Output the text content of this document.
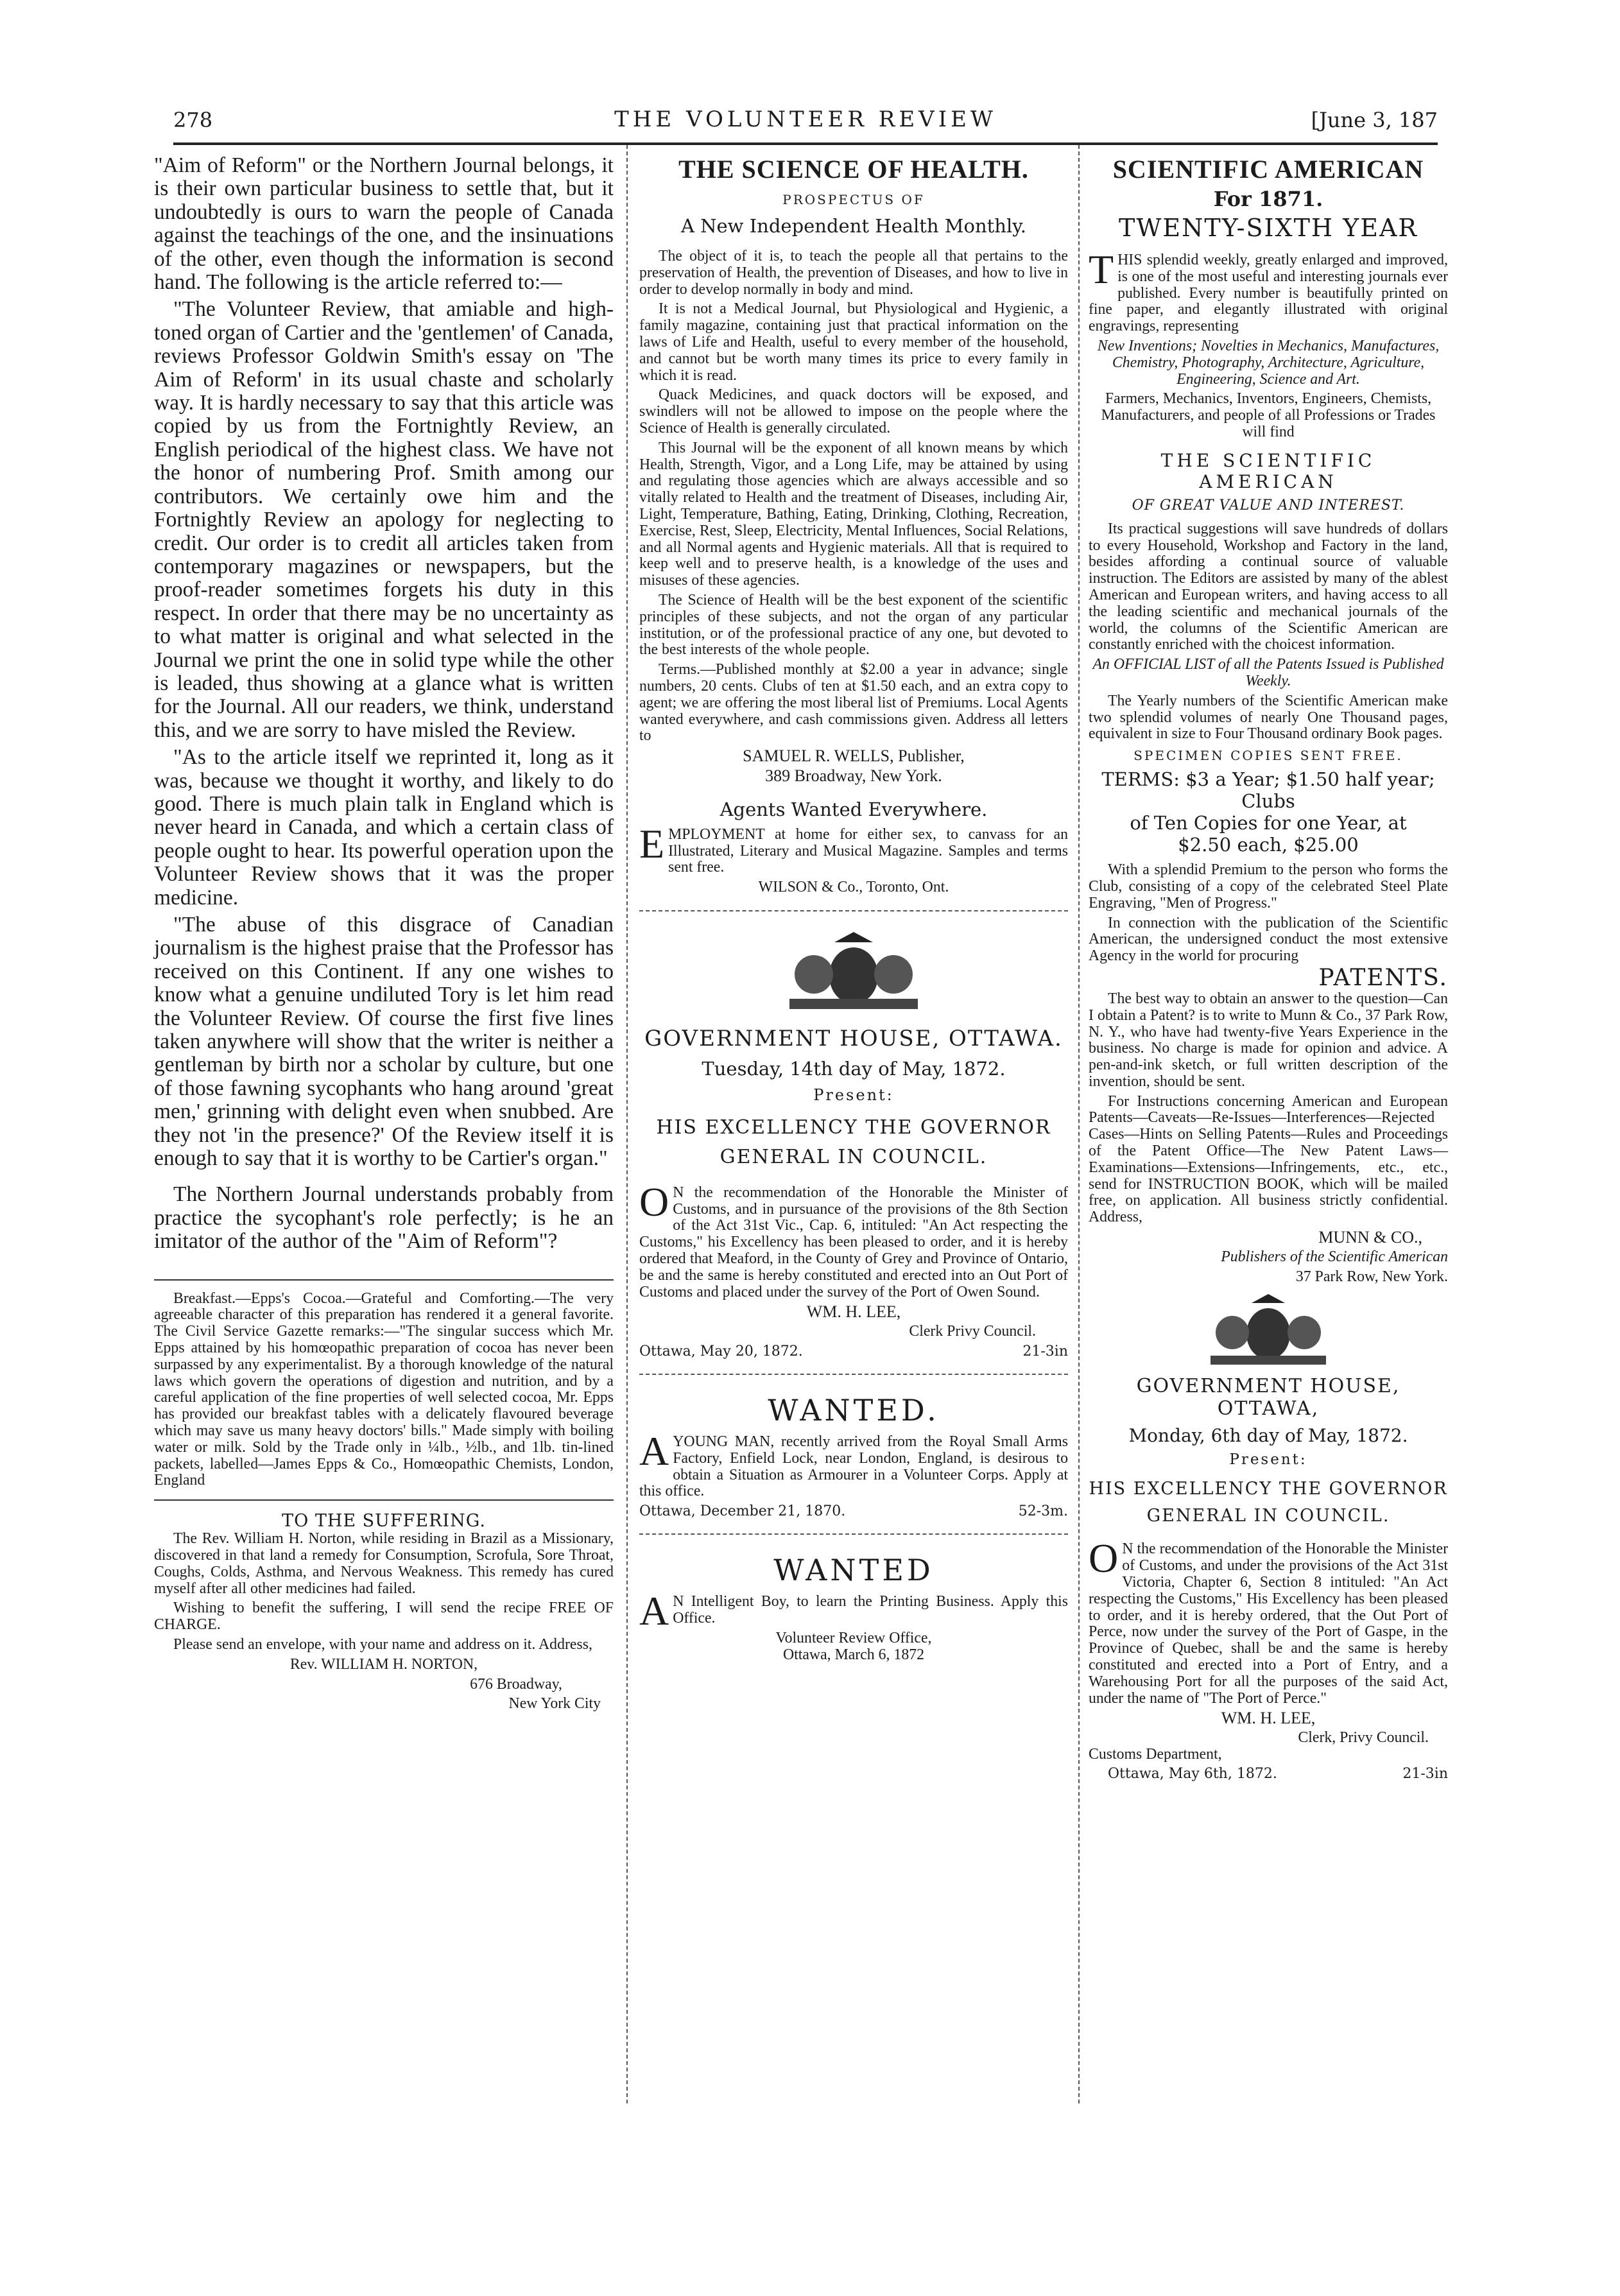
278	THE VOLUNTEER REVIEW	[June 3, 187

"Aim of Reform" or the Northern Journal belongs, it is their own particular business to settle that, but it undoubtedly is ours to warn the people of Canada against the teachings of the one, and the insinuations of the other, even though the information is second hand. The following is the article referred to:—

"The Volunteer Review, that amiable and high-toned organ of Cartier and the 'gentlemen' of Canada, reviews Professor Goldwin Smith's essay on 'The Aim of Reform' in its usual chaste and scholarly way. It is hardly necessary to say that this article was copied by us from the Fortnightly Review, an English periodical of the highest class. We have not the honor of numbering Prof. Smith among our contributors. We certainly owe him and the Fortnightly Review an apology for neglecting to credit. Our order is to credit all articles taken from contemporary magazines or newspapers, but the proof-reader sometimes forgets his duty in this respect. In order that there may be no uncertainty as to what matter is original and what selected in the Journal we print the one in solid type while the other is leaded, thus showing at a glance what is written for the Journal. All our readers, we think, understand this, and we are sorry to have misled the Review.

"As to the article itself we reprinted it, long as it was, because we thought it worthy, and likely to do good. There is much plain talk in England which is never heard in Canada, and which a certain class of people ought to hear. Its powerful operation upon the Volunteer Review shows that it was the proper medicine.

"The abuse of this disgrace of Canadian journalism is the highest praise that the Professor has received on this Continent. If any one wishes to know what a genuine undiluted Tory is let him read the Volunteer Review. Of course the first five lines taken anywhere will show that the writer is neither a gentleman by birth nor a scholar by culture, but one of those fawning sycophants who hang around 'great men,' grinning with delight even when snubbed. Are they not 'in the presence?' Of the Review itself it is enough to say that it is worthy to be Cartier's organ."

The Northern Journal understands probably from practice the sycophant's role perfectly; is he an imitator of the author of the "Aim of Reform"?

Breakfast.—Epps's Cocoa.—Grateful and Comforting.—The very agreeable character of this preparation has rendered it a general favorite. The Civil Service Gazette remarks:—"The singular success which Mr. Epps attained by his homœopathic preparation of cocoa has never been surpassed by any experimentalist. By a thorough knowledge of the natural laws which govern the operations of digestion and nutrition, and by a careful application of the fine properties of well selected cocoa, Mr. Epps has provided our breakfast tables with a delicately flavoured beverage which may save us many heavy doctors' bills." Made simply with boiling water or milk. Sold by the Trade only in ¼lb., ½lb., and 1lb. tin-lined packets, labelled—James Epps & Co., Homœopathic Chemists, London, England

TO THE SUFFERING.

The Rev. William H. Norton, while residing in Brazil as a Missionary, discovered in that land a remedy for Consumption, Scrofula, Sore Throat, Coughs, Colds, Asthma, and Nervous Weakness. This remedy has cured myself after all other medicines had failed.

Wishing to benefit the suffering, I will send the recipe FREE OF CHARGE.

Please send an envelope, with your name and address on it. Address,

Rev. WILLIAM H. NORTON,

676 Broadway,

New York City

THE SCIENCE OF HEALTH.
PROSPECTUS OF
A New Independent Health Monthly.

The object of it is, to teach the people all that pertains to the preservation of Health, the prevention of Diseases, and how to live in order to develop normally in body and mind.

It is not a Medical Journal, but Physiological and Hygienic, a family magazine, containing just that practical information on the laws of Life and Health, useful to every member of the household, and cannot but be worth many times its price to every family in which it is read.

Quack Medicines, and quack doctors will be exposed, and swindlers will not be allowed to impose on the people where the Science of Health is generally circulated.

This Journal will be the exponent of all known means by which Health, Strength, Vigor, and a Long Life, may be attained by using and regulating those agencies which are always accessible and so vitally related to Health and the treatment of Diseases, including Air, Light, Temperature, Bathing, Eating, Drinking, Clothing, Recreation, Exercise, Rest, Sleep, Electricity, Mental Influences, Social Relations, and all Normal agents and Hygienic materials. All that is required to keep well and to preserve health, is a knowledge of the uses and misuses of these agencies.

The Science of Health will be the best exponent of the scientific principles of these subjects, and not the organ of any particular institution, or of the professional practice of any one, but devoted to the best interests of the whole people.

Terms.—Published monthly at $2.00 a year in advance; single numbers, 20 cents. Clubs of ten at $1.50 each, and an extra copy to agent; we are offering the most liberal list of Premiums. Local Agents wanted everywhere, and cash commissions given. Address all letters to

SAMUEL R. WELLS, Publisher,

389 Broadway, New York.

Agents Wanted Everywhere.

EMPLOYMENT at home for either sex, to canvass for an Illustrated, Literary and Musical Magazine. Samples and terms sent free.

WILSON & Co., Toronto, Ont.

GOVERNMENT HOUSE, OTTAWA.
Tuesday, 14th day of May, 1872.
Present:
HIS EXCELLENCY THE GOVERNOR GENERAL IN COUNCIL.

ON the recommendation of the Honorable the Minister of Customs, and in pursuance of the provisions of the 8th Section of the Act 31st Vic., Cap. 6, intituled: "An Act respecting the Customs," his Excellency has been pleased to order, and it is hereby ordered that Meaford, in the County of Grey and Province of Ontario, be and the same is hereby constituted and erected into an Out Port of Customs and placed under the survey of the Port of Owen Sound.

WM. H. LEE,

Clerk Privy Council.

Ottawa, May 20, 1872.	21-3in
WANTED.

AYOUNG MAN, recently arrived from the Royal Small Arms Factory, Enfield Lock, near London, England, is desirous to obtain a Situation as Armourer in a Volunteer Corps. Apply at this office.

Ottawa, December 21, 1870.	52-3m.
WANTED

AN Intelligent Boy, to learn the Printing Business. Apply this Office.

Volunteer Review Office,

Ottawa, March 6, 1872

SCIENTIFIC AMERICAN
For 1871.
TWENTY-SIXTH YEAR

THIS splendid weekly, greatly enlarged and improved, is one of the most useful and interesting journals ever published. Every number is beautifully printed on fine paper, and elegantly illustrated with original engravings, representing

New Inventions; Novelties in Mechanics, Manufactures, Chemistry, Photography, Architecture, Agriculture, Engineering, Science and Art.

Farmers, Mechanics, Inventors, Engineers, Chemists, Manufacturers, and people of all Professions or Trades will find

THE SCIENTIFIC AMERICAN
OF GREAT VALUE AND INTEREST.

Its practical suggestions will save hundreds of dollars to every Household, Workshop and Factory in the land, besides affording a continual source of valuable instruction. The Editors are assisted by many of the ablest American and European writers, and having access to all the leading scientific and mechanical journals of the world, the columns of the Scientific American are constantly enriched with the choicest information.

An OFFICIAL LIST of all the Patents Issued is Published Weekly.

The Yearly numbers of the Scientific American make two splendid volumes of nearly One Thousand pages, equivalent in size to Four Thousand ordinary Book pages.

SPECIMEN COPIES SENT FREE.
TERMS: $3 a Year; $1.50 half year; Clubs
of Ten Copies for one Year, at
$2.50 each, $25.00

With a splendid Premium to the person who forms the Club, consisting of a copy of the celebrated Steel Plate Engraving, "Men of Progress."

In connection with the publication of the Scientific American, the undersigned conduct the most extensive Agency in the world for procuring

PATENTS.

The best way to obtain an answer to the question—Can I obtain a Patent? is to write to Munn & Co., 37 Park Row, N. Y., who have had twenty-five Years Experience in the business. No charge is made for opinion and advice. A pen-and-ink sketch, or full written description of the invention, should be sent.

For Instructions concerning American and European Patents—Caveats—Re-Issues—Interferences—Rejected Cases—Hints on Selling Patents—Rules and Proceedings of the Patent Office—The New Patent Laws—Examinations—Extensions—Infringements, etc., etc., send for INSTRUCTION BOOK, which will be mailed free, on application. All business strictly confidential. Address,

MUNN & CO.,

Publishers of the Scientific American

37 Park Row, New York.

GOVERNMENT HOUSE, OTTAWA,
Monday, 6th day of May, 1872.
Present:
HIS EXCELLENCY THE GOVERNOR GENERAL IN COUNCIL.

ON the recommendation of the Honorable the Minister of Customs, and under the provisions of the Act 31st Victoria, Chapter 6, Section 8 intituled: "An Act respecting the Customs," His Excellency has been pleased to order, and it is hereby ordered, that the Out Port of Perce, now under the survey of the Port of Gaspe, in the Province of Quebec, shall be and the same is hereby constituted and erected into a Port of Entry, and a Warehousing Port for all the purposes of the said Act, under the name of "The Port of Perce."

WM. H. LEE,

Clerk, Privy Council.

Customs Department,

Ottawa, May 6th, 1872.	21-3in
